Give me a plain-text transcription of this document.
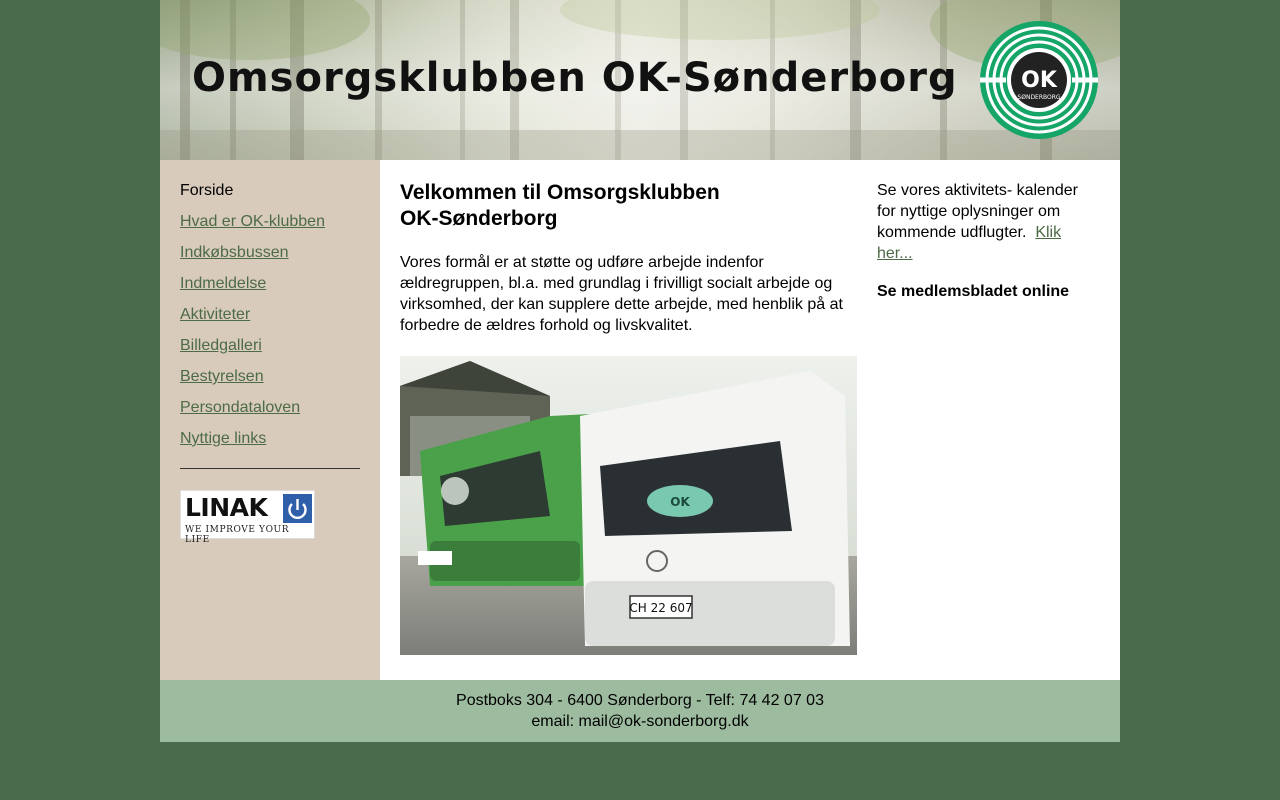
Omsorgsklubben OK-Sønderborg	OK
SØNDERBORG
Forside
Hvad er OK-klubben
Indkøbsbussen
Indmeldelse
Aktiviteter
Billedgalleri
Bestyrelsen
Persondataloven
Nyttige links
LINAK
WE IMPROVE YOUR LIFE
Velkommen til Omsorgsklubben OK-Sønderborg

Vores formål er at støtte og udføre arbejde indenfor ældregruppen, bl.a. med grundlag i frivilligt socialt arbejde og virksomhed, der kan supplere dette arbejde, med henblik på at forbedre de ældres forhold og livskvalitet.

CH 22 607
OK
Se vores aktivitets- kalender for nyttige oplysninger om kommende udflugter. Klik her...
Se medlemsbladet online
Postboks 304 - 6400 Sønderborg - Telf: 74 42 07 03
email: mail@ok-sonderborg.dk
